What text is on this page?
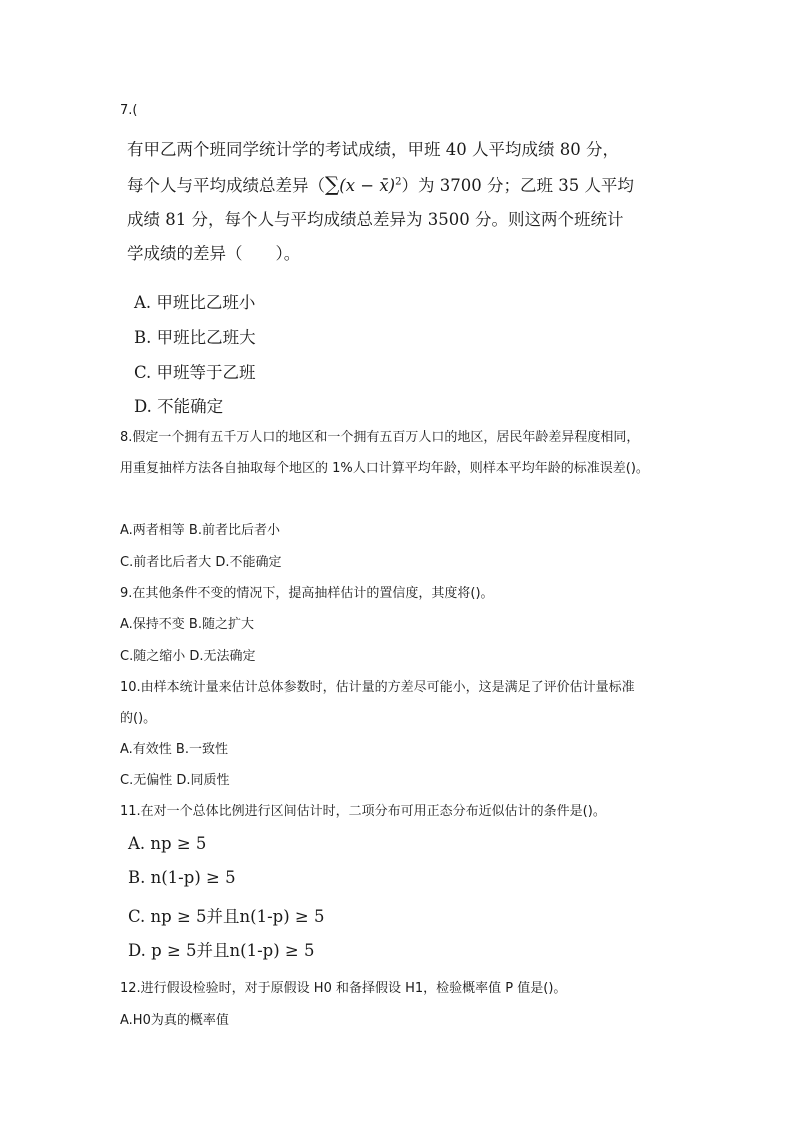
7.(
有甲乙两个班同学统计学的考试成绩，甲班 40 人平均成绩 80 分，
每个人与平均成绩总差异（∑(x − x̄)$^2$）为 3700 分；乙班 35 人平均
成绩 81 分，每个人与平均成绩总差异为 3500 分。则这两个班统计
学成绩的差异（　　）。
A. 甲班比乙班小
B. 甲班比乙班大
C. 甲班等于乙班
D. 不能确定
8.假定一个拥有五千万人口的地区和一个拥有五百万人口的地区，居民年龄差异程度相同，
用重复抽样方法各自抽取每个地区的 1%人口计算平均年龄，则样本平均年龄的标准误差()。
A.两者相等 B.前者比后者小
C.前者比后者大 D.不能确定
9.在其他条件不变的情况下，提高抽样估计的置信度，其度将()。
A.保持不变 B.随之扩大
C.随之缩小 D.无法确定
10.由样本统计量来估计总体参数时，估计量的方差尽可能小，这是满足了评价估计量标准
的()。
A.有效性 B.一致性
C.无偏性 D.同质性
11.在对一个总体比例进行区间估计时，二项分布可用正态分布近似估计的条件是()。
A. np ≥ 5
B. n(1-p) ≥ 5
C. np ≥ 5并且n(1-p) ≥ 5
D. p ≥ 5并且n(1-p) ≥ 5
12.进行假设检验时，对于原假设 H0 和备择假设 H1，检验概率值 P 值是()。
A.H0为真的概率值
